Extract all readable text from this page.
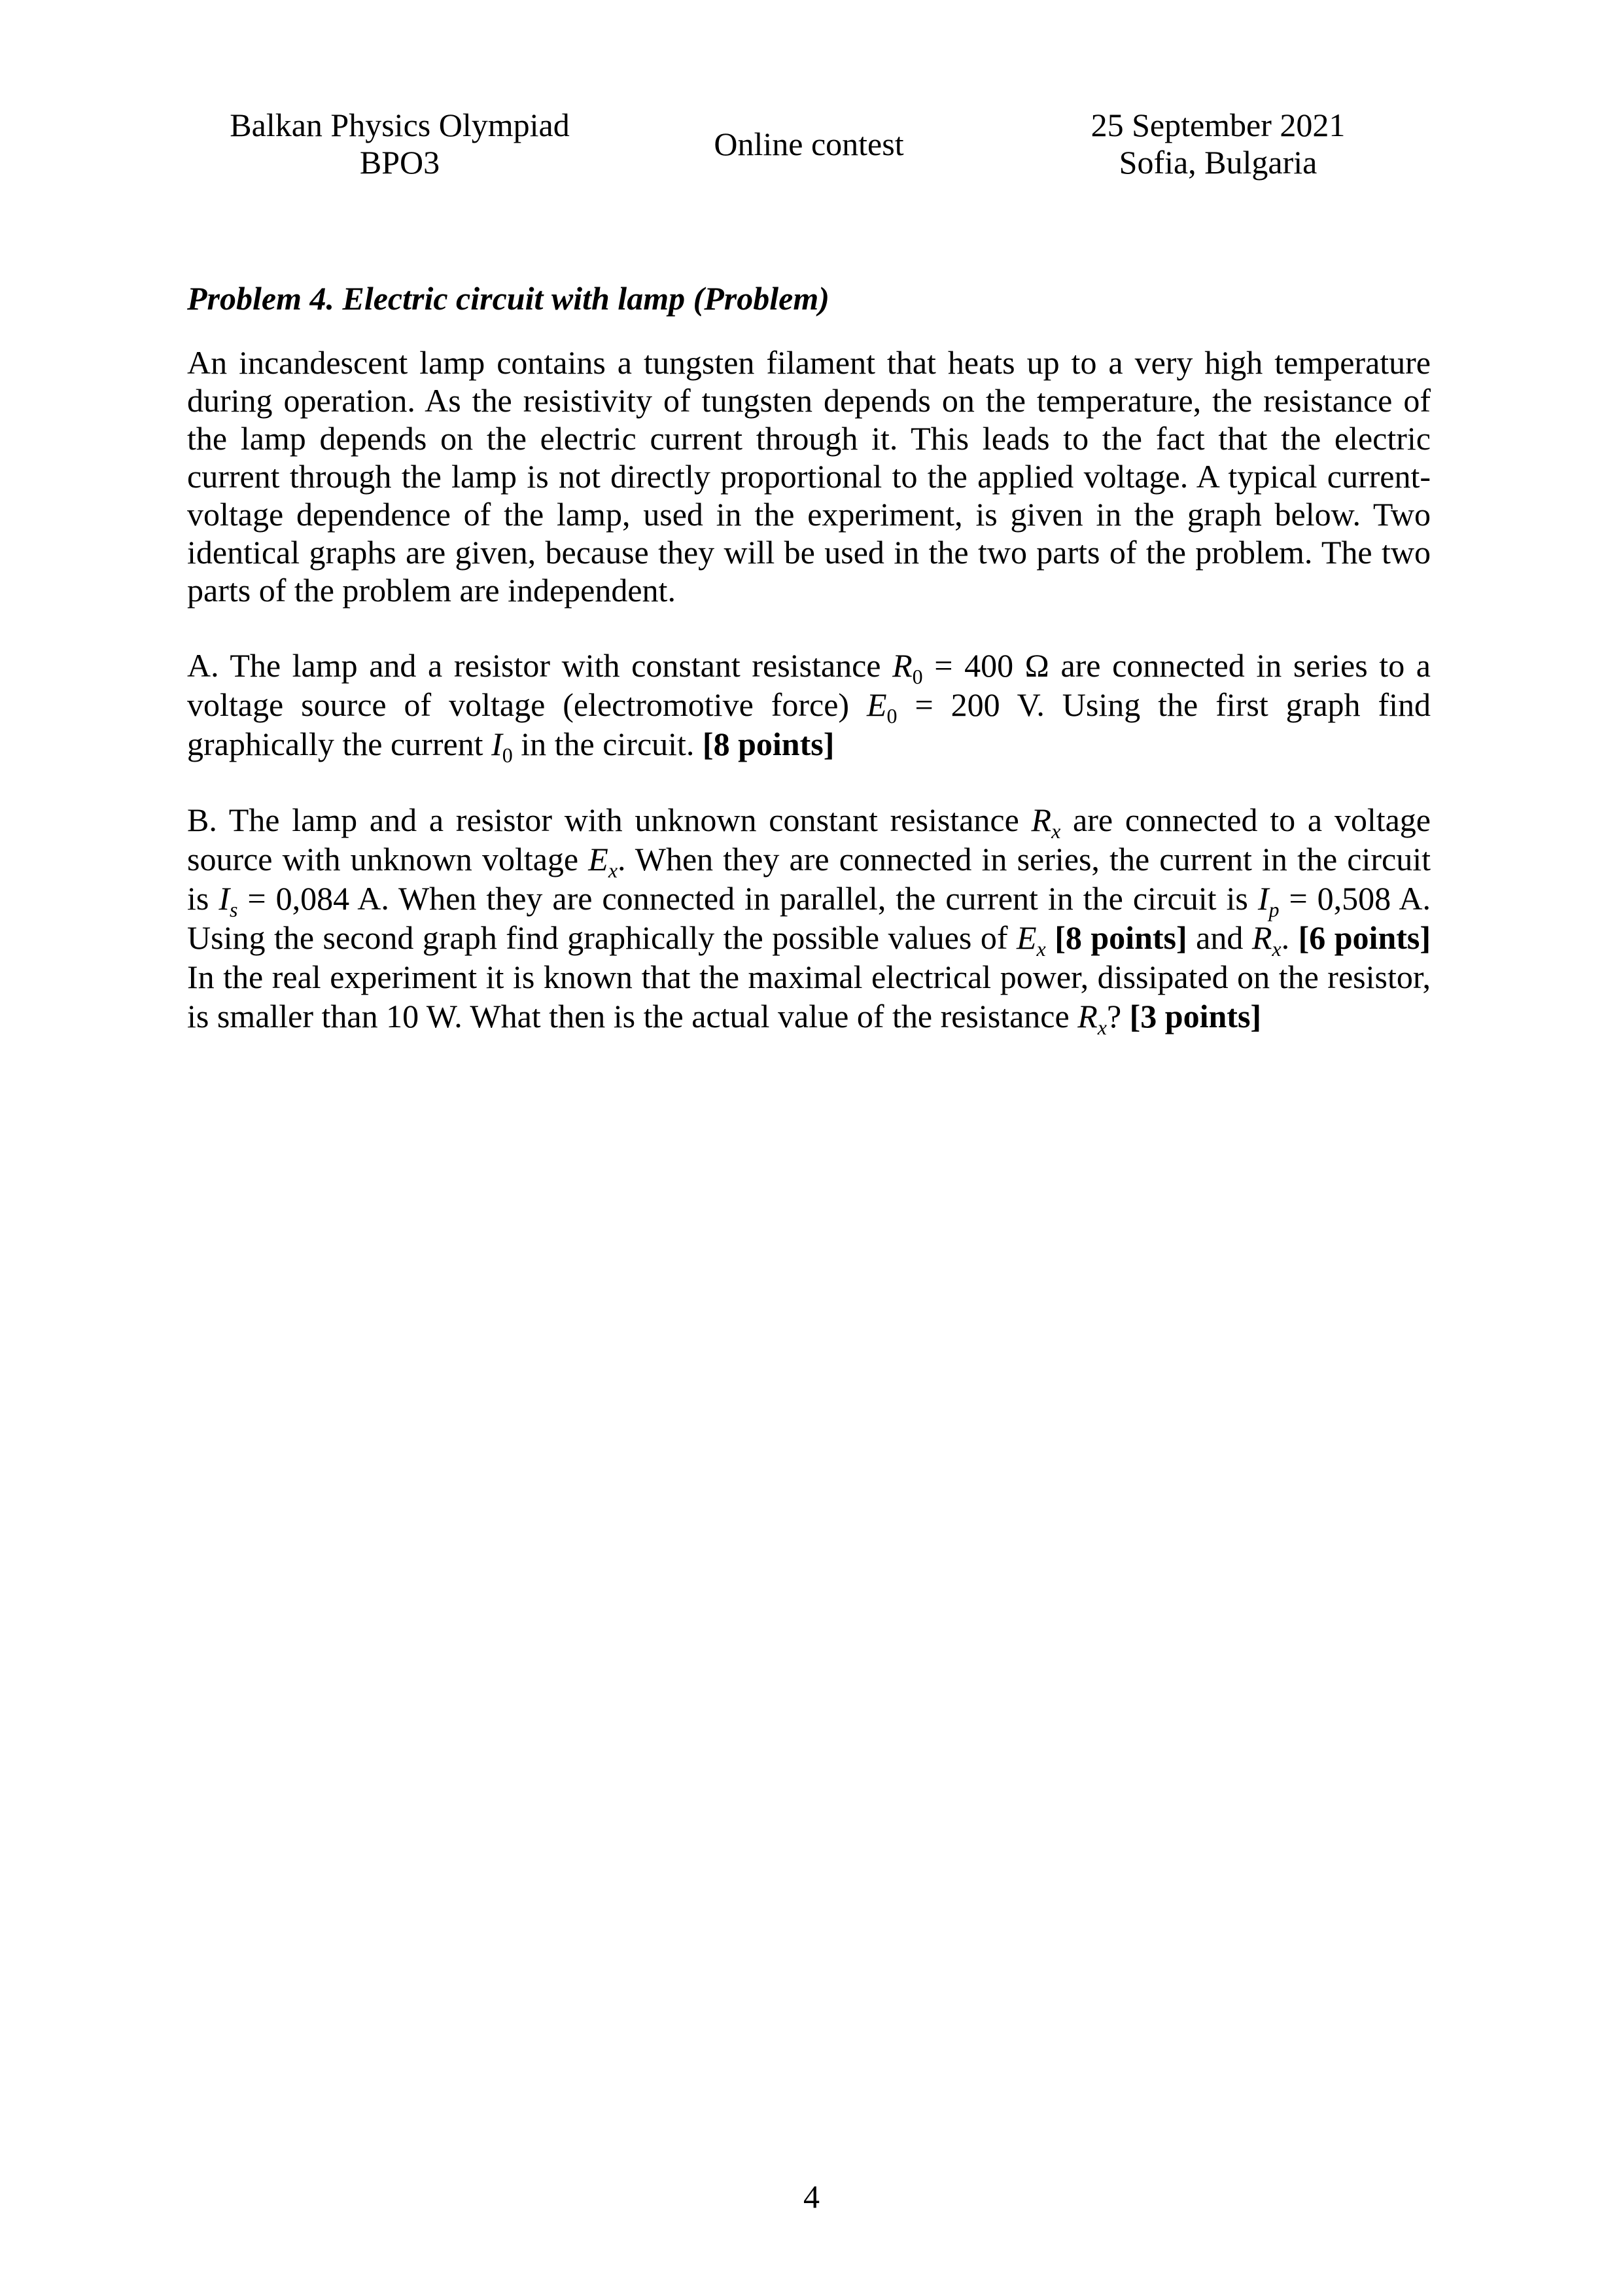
Balkan Physics Olympiad
BPO3
Online contest
25 September 2021
Sofia, Bulgaria
Problem 4. Electric circuit with lamp (Problem)

An incandescent lamp contains a tungsten filament that heats up to a very high temperature during operation. As the resistivity of tungsten depends on the temperature, the resistance of the lamp depends on the electric current through it. This leads to the fact that the electric current through the lamp is not directly proportional to the applied voltage. A typical current-voltage dependence of the lamp, used in the experiment, is given in the graph below. Two identical graphs are given, because they will be used in the two parts of the problem. The two parts of the problem are independent.

A. The lamp and a resistor with constant resistance $R_0 = 400$ Ω are connected in series to a voltage source of voltage (electromotive force) $E_0 = 200$ V. Using the first graph find graphically the current $I_0$ in the circuit. [8 points]

B. The lamp and a resistor with unknown constant resistance $R_x$ are connected to a voltage source with unknown voltage $E_x$. When they are connected in series, the current in the circuit is $I_s = 0,084$ A. When they are connected in parallel, the current in the circuit is $I_p = 0,508$ A. Using the second graph find graphically the possible values of $E_x$ [8 points] and $R_x$. [6 points] In the real experiment it is known that the maximal electrical power, dissipated on the resistor, is smaller than 10 W. What then is the actual value of the resistance $R_x$? [3 points]

4
